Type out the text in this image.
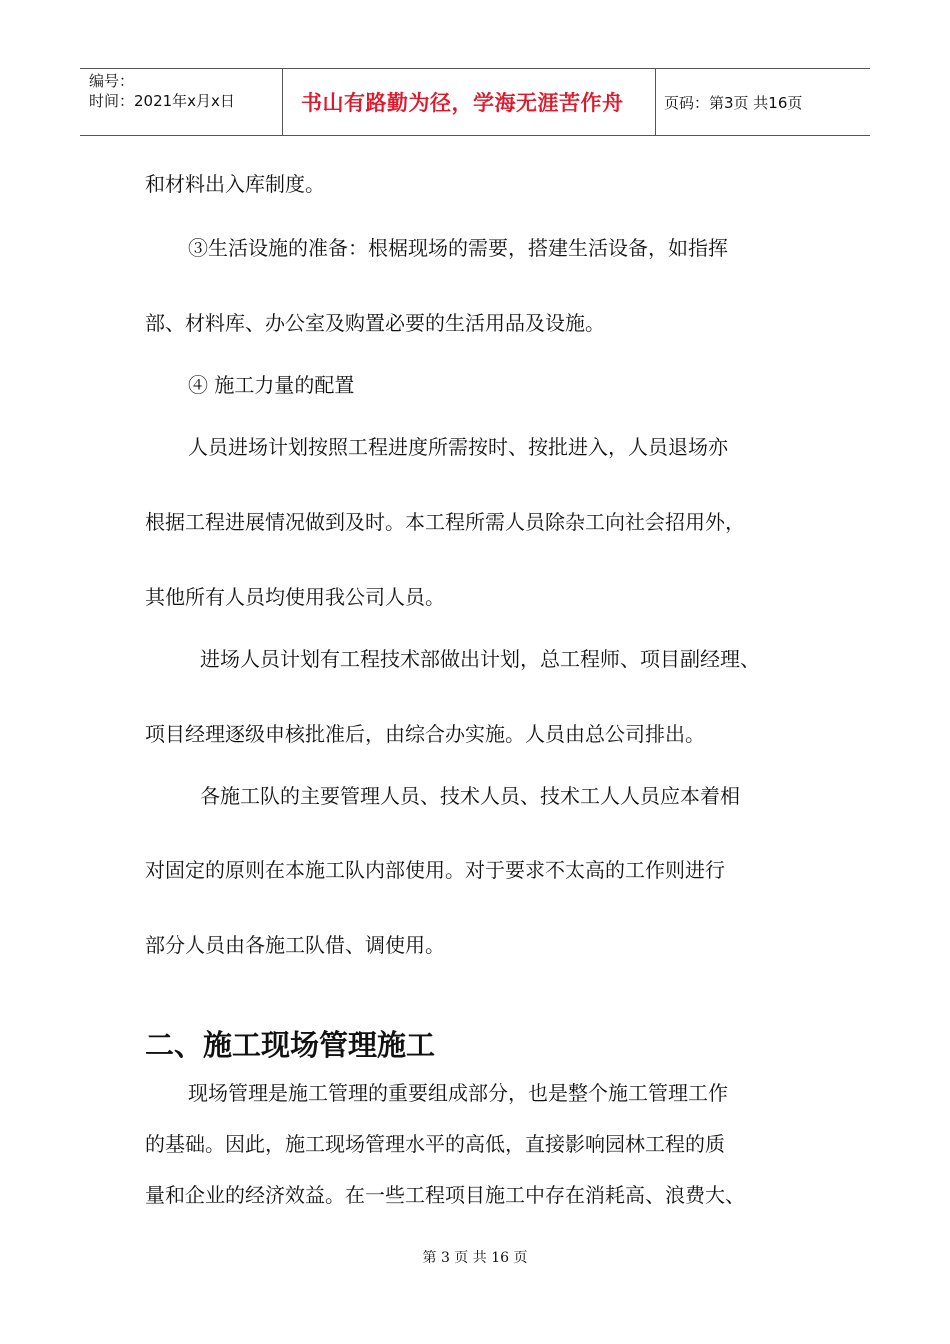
编号：
时间：2021年x月x日	书山有路勤为径，学海无涯苦作舟	页码：第3页 共16页
和材料出入库制度。
③生活设施的准备：根椐现场的需要，搭建生活设备，如指挥
部、材料库、办公室及购置必要的生活用品及设施。
④ 施工力量的配置
人员进场计划按照工程进度所需按时、按批进入，人员退场亦
根据工程进展情况做到及时。本工程所需人员除杂工向社会招用外，
其他所有人员均使用我公司人员。
进场人员计划有工程技术部做出计划，总工程师、项目副经理、
项目经理逐级申核批准后，由综合办实施。人员由总公司排出。
各施工队的主要管理人员、技术人员、技术工人人员应本着相
对固定的原则在本施工队内部使用。对于要求不太高的工作则进行
部分人员由各施工队借、调使用。
二、施工现场管理施工
现场管理是施工管理的重要组成部分，也是整个施工管理工作
的基础。因此，施工现场管理水平的高低，直接影响园林工程的质
量和企业的经济效益。在一些工程项目施工中存在消耗高、浪费大、
第 3 页 共 16 页
